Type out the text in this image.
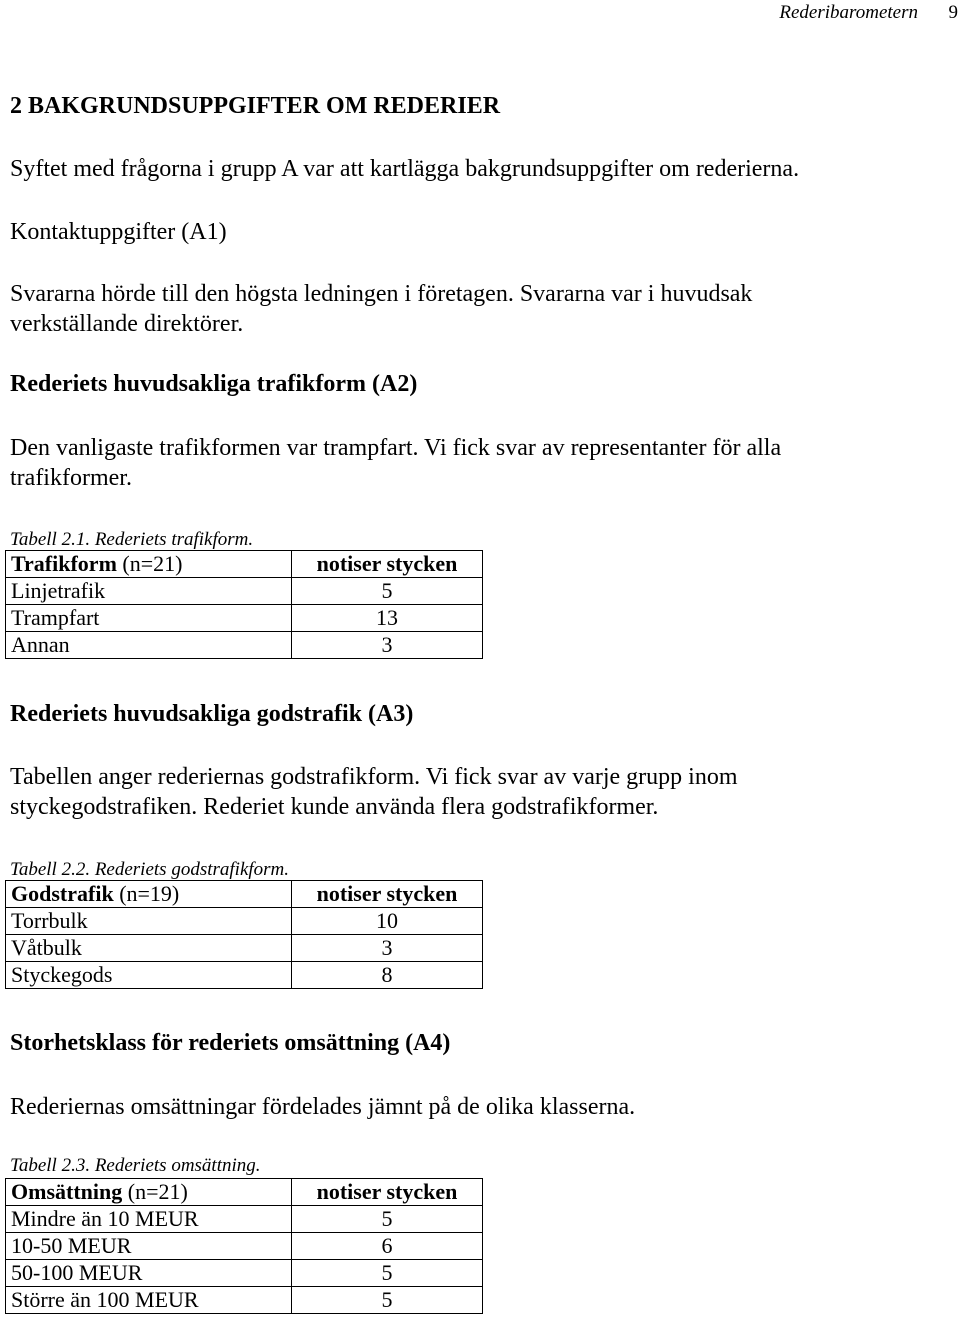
Rederibarometern 9
2 BAKGRUNDSUPPGIFTER OM REDERIER

Syftet med frågorna i grupp A var att kartlägga bakgrundsuppgifter om rederierna.

Kontaktuppgifter (A1)

Svararna hörde till den högsta ledningen i företagen. Svararna var i huvudsak

verkställande direktörer.

Rederiets huvudsakliga trafikform (A2)

Den vanligaste trafikformen var trampfart. Vi fick svar av representanter för alla

trafikformer.

Tabell 2.1. Rederiets trafikform.

Trafikform (n=21)	notiser stycken
Linjetrafik	5
Trampfart	13
Annan	3

Rederiets huvudsakliga godstrafik (A3)

Tabellen anger rederiernas godstrafikform. Vi fick svar av varje grupp inom

styckegodstrafiken. Rederiet kunde använda flera godstrafikformer.

Tabell 2.2. Rederiets godstrafikform.

Godstrafik (n=19)	notiser stycken
Torrbulk	10
Våtbulk	3
Styckegods	8

Storhetsklass för rederiets omsättning (A4)

Rederiernas omsättningar fördelades jämnt på de olika klasserna.

Tabell 2.3. Rederiets omsättning.

Omsättning (n=21)	notiser stycken
Mindre än 10 MEUR	5
10-50 MEUR	6
50-100 MEUR	5
Större än 100 MEUR	5
